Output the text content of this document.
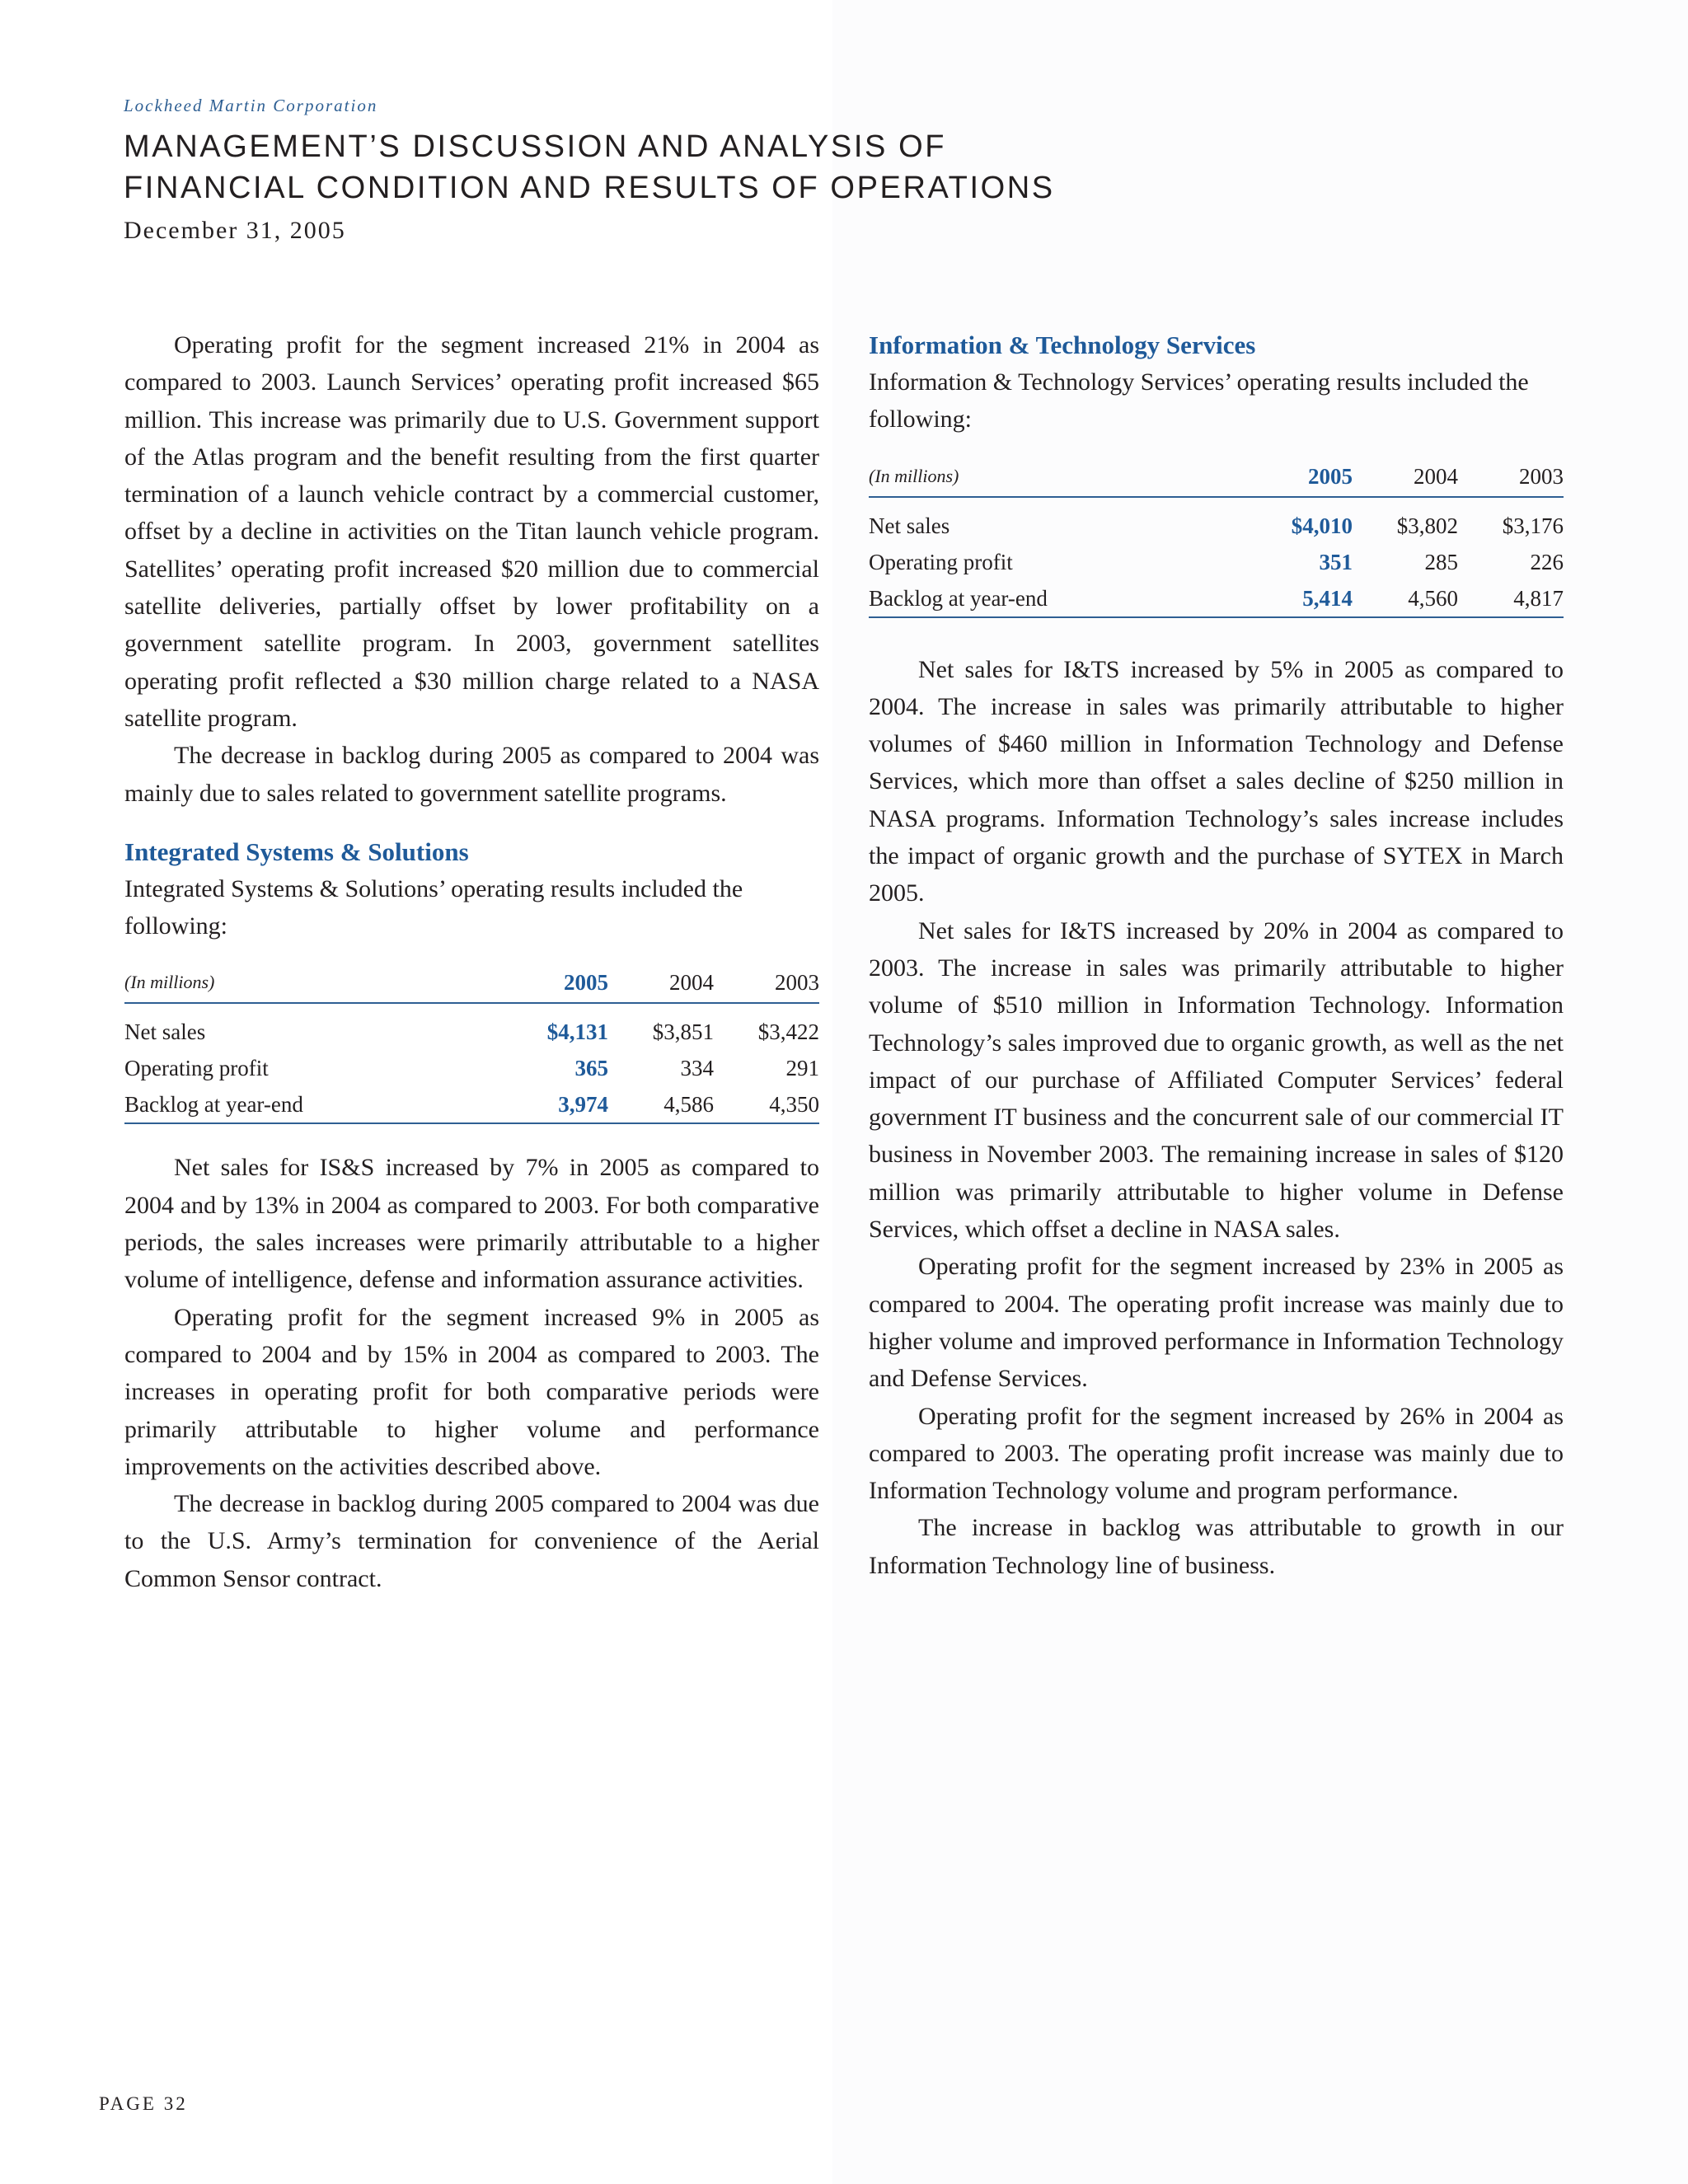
Lockheed Martin Corporation

MANAGEMENT’S DISCUSSION AND ANALYSIS OF

FINANCIAL CONDITION AND RESULTS OF OPERATIONS

December 31, 2005

Operating profit for the segment increased 21% in 2004 as compared to 2003. Launch Services’ operating profit increased $65 million. This increase was primarily due to U.S. Government support of the Atlas program and the benefit resulting from the first quarter termination of a launch vehicle contract by a commercial customer, offset by a decline in activities on the Titan launch vehicle program. Satellites’ operating profit increased $20 million due to commercial satellite deliveries, partially offset by lower profitability on a government satellite program. In 2003, government satellites operating profit reflected a $30 million charge related to a NASA satellite program.

The decrease in backlog during 2005 as compared to 2004 was mainly due to sales related to government satellite programs.

Integrated Systems & Solutions

Integrated Systems & Solutions’ operating results included the following:

(In millions)	2005	2004	2003
Net sales	$4,131	$3,851	$3,422
Operating profit	365	334	291
Backlog at year-end	3,974	4,586	4,350

Net sales for IS&S increased by 7% in 2005 as compared to 2004 and by 13% in 2004 as compared to 2003. For both comparative periods, the sales increases were primarily attributable to a higher volume of intelligence, defense and information assurance activities.

Operating profit for the segment increased 9% in 2005 as compared to 2004 and by 15% in 2004 as compared to 2003. The increases in operating profit for both comparative periods were primarily attributable to higher volume and performance improvements on the activities described above.

The decrease in backlog during 2005 compared to 2004 was due to the U.S. Army’s termination for convenience of the Aerial Common Sensor contract.

Information & Technology Services

Information & Technology Services’ operating results included the following:

(In millions)	2005	2004	2003
Net sales	$4,010	$3,802	$3,176
Operating profit	351	285	226
Backlog at year-end	5,414	4,560	4,817

Net sales for I&TS increased by 5% in 2005 as compared to 2004. The increase in sales was primarily attributable to higher volumes of $460 million in Information Technology and Defense Services, which more than offset a sales decline of $250 million in NASA programs. Information Technology’s sales increase includes the impact of organic growth and the purchase of SYTEX in March 2005.

Net sales for I&TS increased by 20% in 2004 as compared to 2003. The increase in sales was primarily attributable to higher volume of $510 million in Information Technology. Information Technology’s sales improved due to organic growth, as well as the net impact of our purchase of Affiliated Computer Services’ federal government IT business and the concurrent sale of our commercial IT business in November 2003. The remaining increase in sales of $120 million was primarily attributable to higher volume in Defense Services, which offset a decline in NASA sales.

Operating profit for the segment increased by 23% in 2005 as compared to 2004. The operating profit increase was mainly due to higher volume and improved performance in Information Technology and Defense Services.

Operating profit for the segment increased by 26% in 2004 as compared to 2003. The operating profit increase was mainly due to Information Technology volume and program performance.

The increase in backlog was attributable to growth in our Information Technology line of business.

PAGE 32
